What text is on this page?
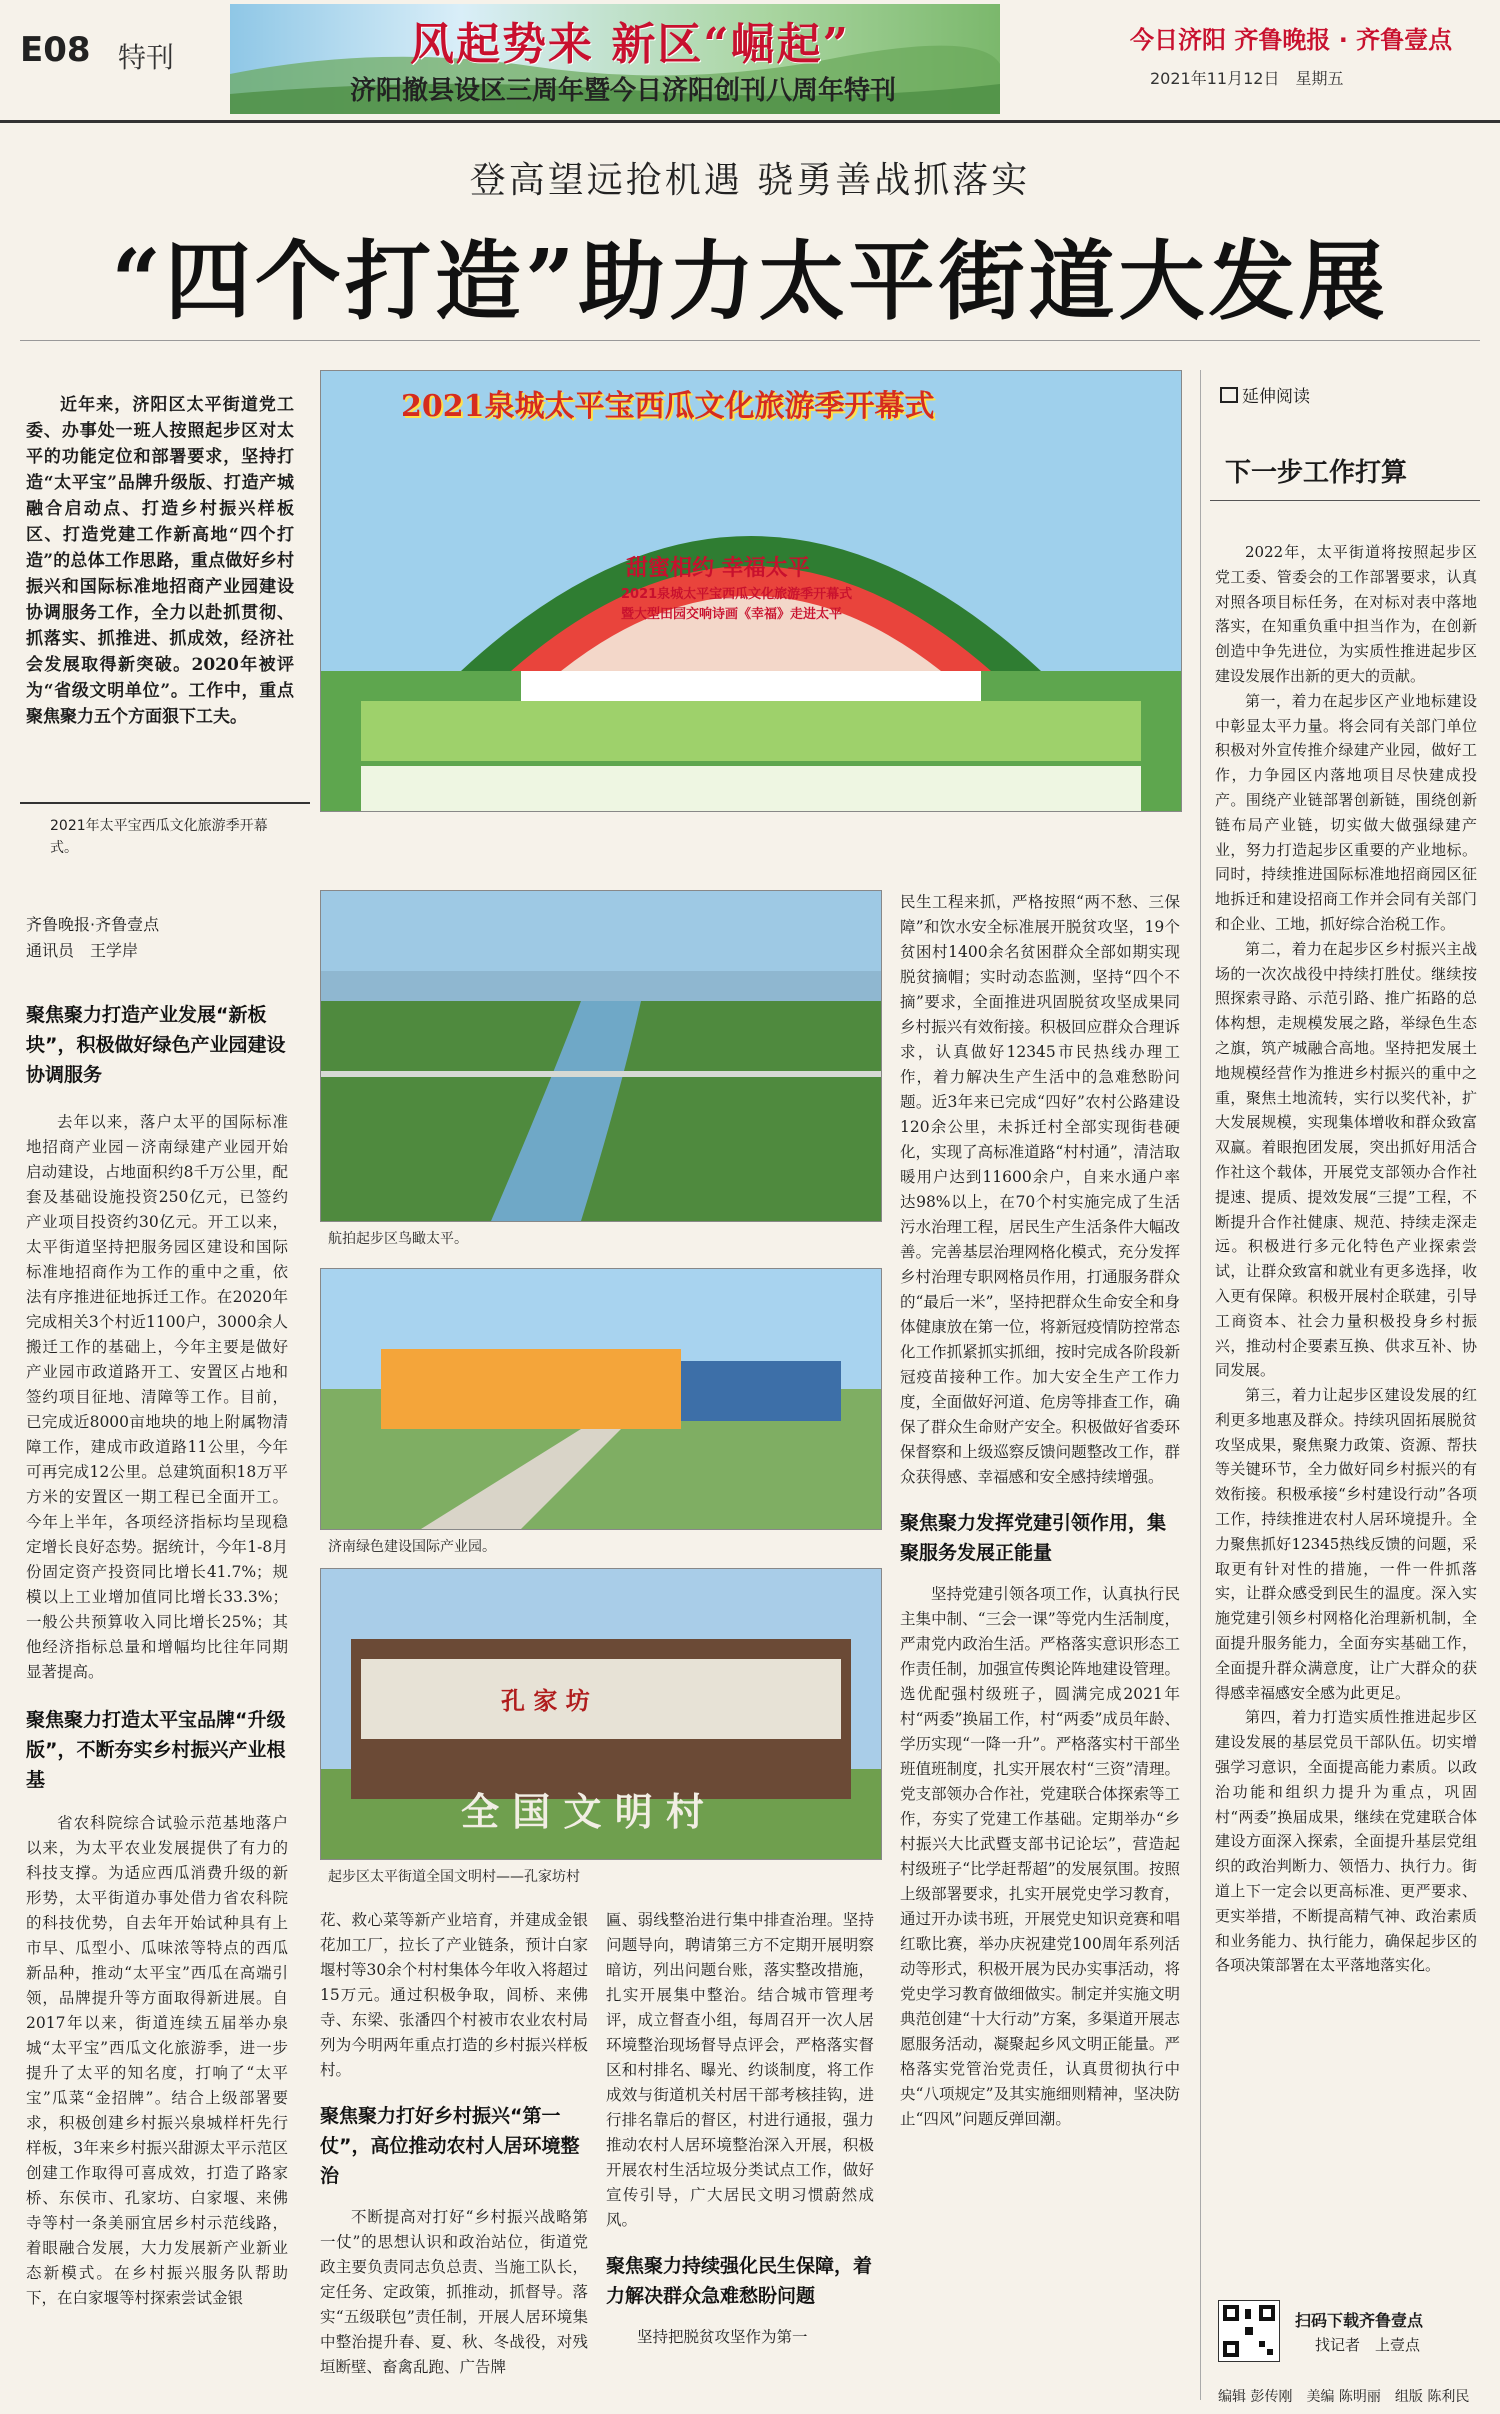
E08 特刊	风起势来 新区“崛起”
济阳撤县设区三周年暨今日济阳创刊八周年特刊
今日济阳 齐鲁晚报 · 齐鲁壹点
2021年11月12日　星期五
登高望远抢机遇 骁勇善战抓落实
“四个打造”助力太平街道大发展
近年来，济阳区太平街道党工委、办事处一班人按照起步区对太平的功能定位和部署要求，坚持打造“太平宝”品牌升级版、打造产城融合启动点、打造乡村振兴样板区、打造党建工作新高地“四个打造”的总体工作思路，重点做好乡村振兴和国际标准地招商产业园建设协调服务工作，全力以赴抓贯彻、抓落实、抓推进、抓成效，经济社会发展取得新突破。2020年被评为“省级文明单位”。工作中，重点聚焦聚力五个方面狠下工夫。
2021年太平宝西瓜文化旅游季开幕式。
2021泉城太平宝西瓜文化旅游季开幕式
甜蜜相约 幸福太平
2021泉城太平宝西瓜文化旅游季开幕式
暨大型田园交响诗画《幸福》走进太平
齐鲁晚报·齐鲁壹点
通讯员　王学岸
聚焦聚力打造产业发展“新板块”，积极做好绿色产业园建设协调服务
去年以来，落户太平的国际标准地招商产业园－济南绿建产业园开始启动建设，占地面积约8千万公里，配套及基础设施投资250亿元，已签约产业项目投资约30亿元。开工以来，太平街道坚持把服务园区建设和国际标准地招商作为工作的重中之重，依法有序推进征地拆迁工作。在2020年完成相关3个村近1100户，3000余人搬迁工作的基础上，今年主要是做好产业园市政道路开工、安置区占地和签约项目征地、清障等工作。目前，已完成近8000亩地块的地上附属物清障工作，建成市政道路11公里，今年可再完成12公里。总建筑面积18万平方米的安置区一期工程已全面开工。今年上半年，各项经济指标均呈现稳定增长良好态势。据统计，今年1-8月份固定资产投资同比增长41.7%；规模以上工业增加值同比增长33.3%；一般公共预算收入同比增长25%；其他经济指标总量和增幅均比往年同期显著提高。
聚焦聚力打造太平宝品牌“升级版”，不断夯实乡村振兴产业根基
省农科院综合试验示范基地落户以来，为太平农业发展提供了有力的科技支撑。为适应西瓜消费升级的新形势，太平街道办事处借力省农科院的科技优势，自去年开始试种具有上市早、瓜型小、瓜味浓等特点的西瓜新品种，推动“太平宝”西瓜在高端引领，品牌提升等方面取得新进展。自2017年以来，街道连续五届举办泉城“太平宝”西瓜文化旅游季，进一步提升了太平的知名度，打响了“太平宝”瓜菜“金招牌”。结合上级部署要求，积极创建乡村振兴泉城样杆先行样板，3年来乡村振兴甜源太平示范区创建工作取得可喜成效，打造了路家桥、东侯市、孔家坊、白家堰、来佛寺等村一条美丽宜居乡村示范线路，着眼融合发展，大力发展新产业新业态新模式。在乡村振兴服务队帮助下，在白家堰等村探索尝试金银
航拍起步区鸟瞰太平。
济南绿色建设国际产业园。
孔 家 坊
全 国 文 明 村
起步区太平街道全国文明村——孔家坊村
花、救心菜等新产业培育，并建成金银花加工厂，拉长了产业链条，预计白家堰村等30余个村村集体今年收入将超过15万元。通过积极争取，闾桥、来佛寺、东梁、张潘四个村被市农业农村局列为今明两年重点打造的乡村振兴样板村。
聚焦聚力打好乡村振兴“第一仗”，高位推动农村人居环境整治
不断提高对打好“乡村振兴战略第一仗”的思想认识和政治站位，街道党政主要负责同志负总责、当施工队长，定任务、定政策，抓推动，抓督导。落实“五级联包”责任制，开展人居环境集中整治提升春、夏、秋、冬战役，对残垣断壁、畜禽乱跑、广告牌
匾、弱线整治进行集中排查治理。坚持问题导向，聘请第三方不定期开展明察暗访，列出问题台账，落实整改措施，扎实开展集中整治。结合城市管理考评，成立督查小组，每周召开一次人居环境整治现场督导点评会，严格落实督区和村排名、曝光、约谈制度，将工作成效与街道机关村居干部考核挂钩，进行排名靠后的督区，村进行通报，强力推动农村人居环境整治深入开展，积极开展农村生活垃圾分类试点工作，做好宣传引导，广大居民文明习惯蔚然成风。
聚焦聚力持续强化民生保障，着力解决群众急难愁盼问题
坚持把脱贫攻坚作为第一
民生工程来抓，严格按照“两不愁、三保障”和饮水安全标准展开脱贫攻坚，19个贫困村1400余名贫困群众全部如期实现脱贫摘帽；实时动态监测，坚持“四个不摘”要求，全面推进巩固脱贫攻坚成果同乡村振兴有效衔接。积极回应群众合理诉求，认真做好12345市民热线办理工作，着力解决生产生活中的急难愁盼问题。近3年来已完成“四好”农村公路建设120余公里，未拆迁村全部实现街巷硬化，实现了高标准道路“村村通”，清洁取暖用户达到11600余户，自来水通户率达98%以上，在70个村实施完成了生活污水治理工程，居民生产生活条件大幅改善。完善基层治理网格化模式，充分发挥乡村治理专职网格员作用，打通服务群众的“最后一米”，坚持把群众生命安全和身体健康放在第一位，将新冠疫情防控常态化工作抓紧抓实抓细，按时完成各阶段新冠疫苗接种工作。加大安全生产工作力度，全面做好河道、危房等排查工作，确保了群众生命财产安全。积极做好省委环保督察和上级巡察反馈问题整改工作，群众获得感、幸福感和安全感持续增强。
聚焦聚力发挥党建引领作用，集聚服务发展正能量
坚持党建引领各项工作，认真执行民主集中制、“三会一课”等党内生活制度，严肃党内政治生活。严格落实意识形态工作责任制，加强宣传舆论阵地建设管理。选优配强村级班子，圆满完成2021年村“两委”换届工作，村“两委”成员年龄、学历实现“一降一升”。严格落实村干部坐班值班制度，扎实开展农村“三资”清理。党支部领办合作社，党建联合体探索等工作，夯实了党建工作基础。定期举办“乡村振兴大比武暨支部书记论坛”，营造起村级班子“比学赶帮超”的发展氛围。按照上级部署要求，扎实开展党史学习教育，通过开办读书班，开展党史知识竞赛和唱红歌比赛，举办庆祝建党100周年系列活动等形式，积极开展为民办实事活动，将党史学习教育做细做实。制定并实施文明典范创建“十大行动”方案，多渠道开展志愿服务活动，凝聚起乡风文明正能量。严格落实党管治党责任，认真贯彻执行中央“八项规定”及其实施细则精神，坚决防止“四风”问题反弹回潮。
延伸阅读
下一步工作打算
2022年，太平街道将按照起步区党工委、管委会的工作部署要求，认真对照各项目标任务，在对标对表中落地落实，在知重负重中担当作为，在创新创造中争先进位，为实质性推进起步区建设发展作出新的更大的贡献。
第一，着力在起步区产业地标建设中彰显太平力量。将会同有关部门单位积极对外宣传推介绿建产业园，做好工作，力争园区内落地项目尽快建成投产。围绕产业链部署创新链，围绕创新链布局产业链，切实做大做强绿建产业，努力打造起步区重要的产业地标。同时，持续推进国际标准地招商园区征地拆迁和建设招商工作并会同有关部门和企业、工地，抓好综合治税工作。
第二，着力在起步区乡村振兴主战场的一次次战役中持续打胜仗。继续按照探索寻路、示范引路、推广拓路的总体构想，走规模发展之路，举绿色生态之旗，筑产城融合高地。坚持把发展土地规模经营作为推进乡村振兴的重中之重，聚焦土地流转，实行以奖代补，扩大发展规模，实现集体增收和群众致富双赢。着眼抱团发展，突出抓好用活合作社这个载体，开展党支部领办合作社提速、提质、提效发展“三提”工程，不断提升合作社健康、规范、持续走深走远。积极进行多元化特色产业探索尝试，让群众致富和就业有更多选择，收入更有保障。积极开展村企联建，引导工商资本、社会力量积极投身乡村振兴，推动村企要素互换、供求互补、协同发展。
第三，着力让起步区建设发展的红利更多地惠及群众。持续巩固拓展脱贫攻坚成果，聚焦聚力政策、资源、帮扶等关键环节，全力做好同乡村振兴的有效衔接。积极承接“乡村建设行动”各项工作，持续推进农村人居环境提升。全力聚焦抓好12345热线反馈的问题，采取更有针对性的措施，一件一件抓落实，让群众感受到民生的温度。深入实施党建引领乡村网格化治理新机制，全面提升服务能力，全面夯实基础工作，全面提升群众满意度，让广大群众的获得感幸福感安全感为此更足。
第四，着力打造实质性推进起步区建设发展的基层党员干部队伍。切实增强学习意识，全面提高能力素质。以政治功能和组织力提升为重点，巩固村“两委”换届成果，继续在党建联合体建设方面深入探索，全面提升基层党组织的政治判断力、领悟力、执行力。街道上下一定会以更高标准、更严要求、更实举措，不断提高精气神、政治素质和业务能力、执行能力，确保起步区的各项决策部署在太平落地落实化。
扫码下载齐鲁壹点
找记者　上壹点
编辑 彭传刚　美编 陈明丽　组版 陈利民
